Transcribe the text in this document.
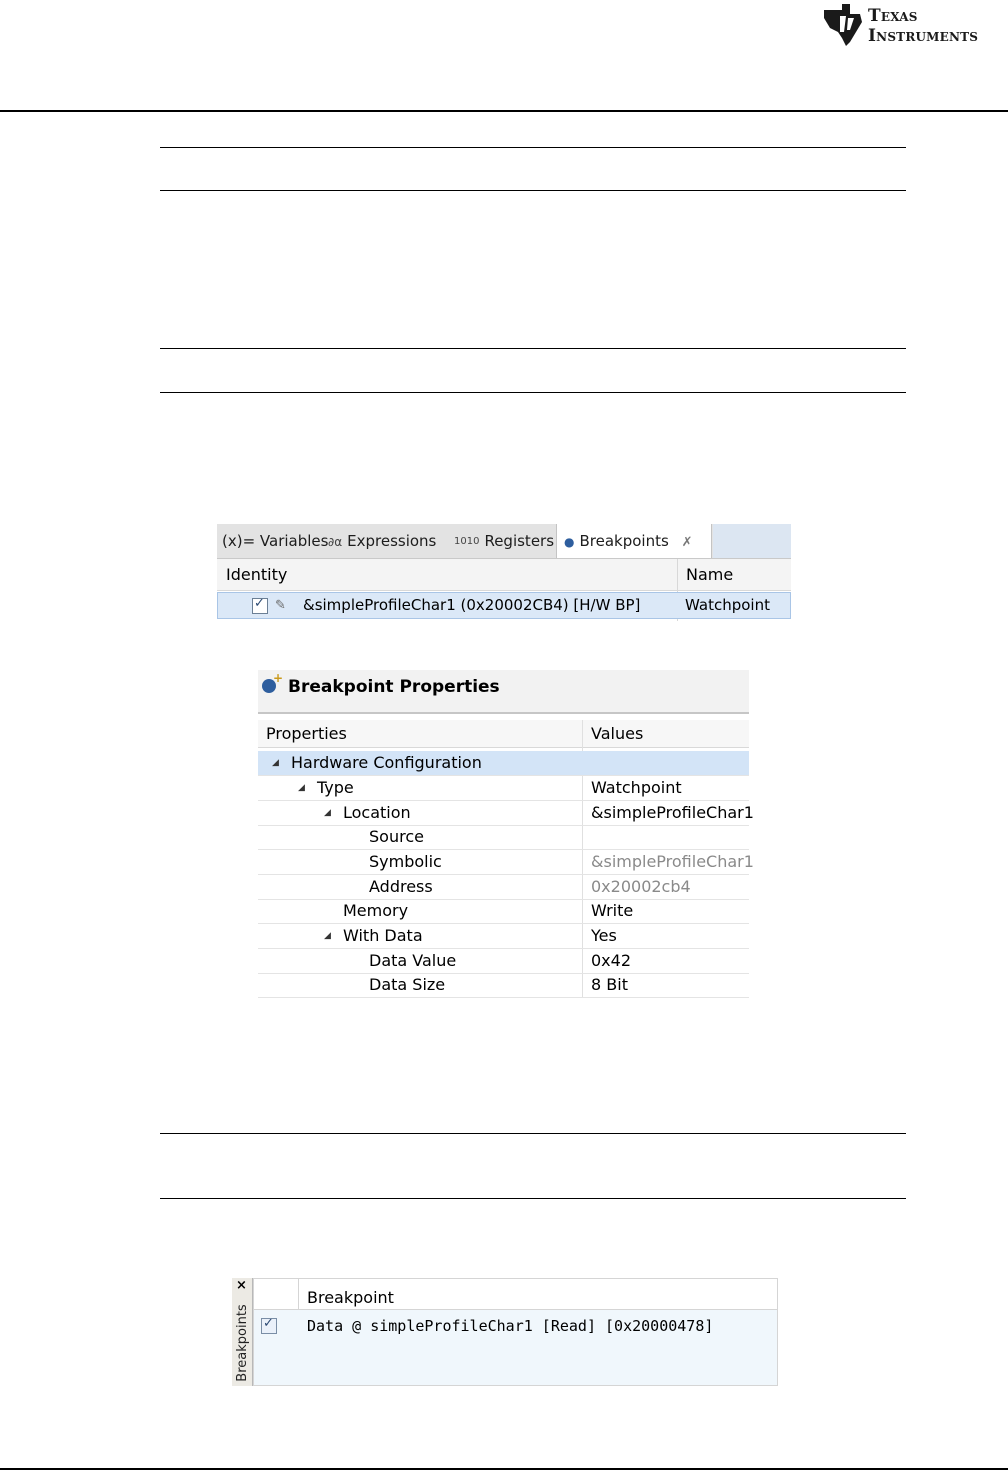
Texas
Instruments
(x)= Variables ∂α Expressions 1010 Registers ● Breakpoints ✗
Identity	Name
✓
✎ &simpleProfileChar1 (0x20002CB4) [H/W BP]	Watchpoint
+
Breakpoint Properties
Properties	Values
◢ Hardware Configuration
◢ Type	Watchpoint
◢ Location	&simpleProfileChar1
Source
Symbolic	&simpleProfileChar1
Address	0x20002cb4
Memory	Write
◢ With Data	Yes
Data Value	0x42
Data Size	8 Bit
×
Breakpoints
Breakpoint
✓
Data @ simpleProfileChar1 [Read] [0x20000478]
